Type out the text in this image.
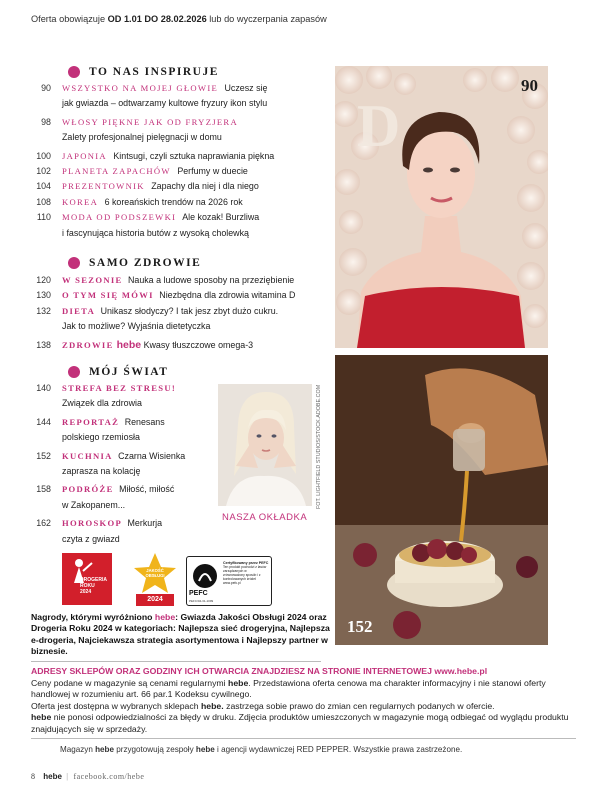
Oferta obowiązuje OD 1.01 DO 28.02.2026 lub do wyczerpania zapasów
TO NAS INSPIRUJE
90 WSZYSTKO NA MOJEJ GŁOWIE Uczesz się
jak gwiazda – odtwarzamy kultowe fryzury ikon stylu
98 WŁOSY PIĘKNE JAK OD FRYZJERA
Zalety profesjonalnej pielęgnacji w domu
100 JAPONIA Kintsugi, czyli sztuka naprawiania piękna
102 PLANETA ZAPACHÓW Perfumy w duecie
104 PREZENTOWNIK Zapachy dla niej i dla niego
108 KOREA 6 koreańskich trendów na 2026 rok
110 MODA OD PODSZEWKI Ale kozak! Burzliwa
i fascynująca historia butów z wysoką cholewką
SAMO ZDROWIE
120 W SEZONIE Nauka a ludowe sposoby na przeziębienie
130 O TYM SIĘ MÓWI Niezbędna dla zdrowia witamina D
132 DIETA Unikasz słodyczy? I tak jesz zbyt dużo cukru.
Jak to możliwe? Wyjaśnia dietetyczka
138 ZDROWIE hebe Kwasy tłuszczowe omega-3
MÓJ ŚWIAT
140 STREFA BEZ STRESU!
Związek dla zdrowia
144 REPORTAŻ Renesans
polskiego rzemiosła
152 KUCHNIA Czarna Wisienka
zaprasza na kolację
158 PODRÓŻE Miłość, miłość
w Zakopanem...
162 HOROSKOP Merkurja
czyta z gwiazd
NASZA OKŁADKA
FOT. LIGHTFIELD STUDIOS/STOCK.ADOBE.COM
D
90
152
DROGERIA
ROKU
2024
JAKOŚĆ
OBSŁUGI
2024
PEFC
PEFC/04-31-1099
Certyfikowany przez PEFC
Ten produkt pochodzi z lasów zarządzanych w zrównoważony sposób i z kontrolowanych źródeł
www.pefc.pl
Nagrody, którymi wyróżniono hebe: Gwiazda Jakości Obsługi 2024 oraz Drogeria Roku 2024 w kategoriach: Najlepsza sieć drogeryjna, Najlepsza e-drogeria, Najciekawsza strategia asortymentowa i Najlepszy partner w biznesie.
ADRESY SKLEPÓW ORAZ GODZINY ICH OTWARCIA ZNAJDZIESZ NA STRONIE INTERNETOWEJ www.hebe.pl
Ceny podane w magazynie są cenami regularnymi hebe. Przedstawiona oferta cenowa ma charakter informacyjny i nie stanowi oferty handlowej w rozumieniu art. 66 par.1 Kodeksu cywilnego.
Oferta jest dostępna w wybranych sklepach hebe. zastrzega sobie prawo do zmian cen regularnych podanych w ofercie.
hebe nie ponosi odpowiedzialności za błędy w druku. Zdjęcia produktów umieszczonych w magazynie mogą odbiegać od wyglądu produktu znajdujących się w sprzedaży.
Magazyn hebe przygotowują zespoły hebe i agencji wydawniczej RED PEPPER. Wszystkie prawa zastrzeżone.
8 hebe | facebook.com/hebe
